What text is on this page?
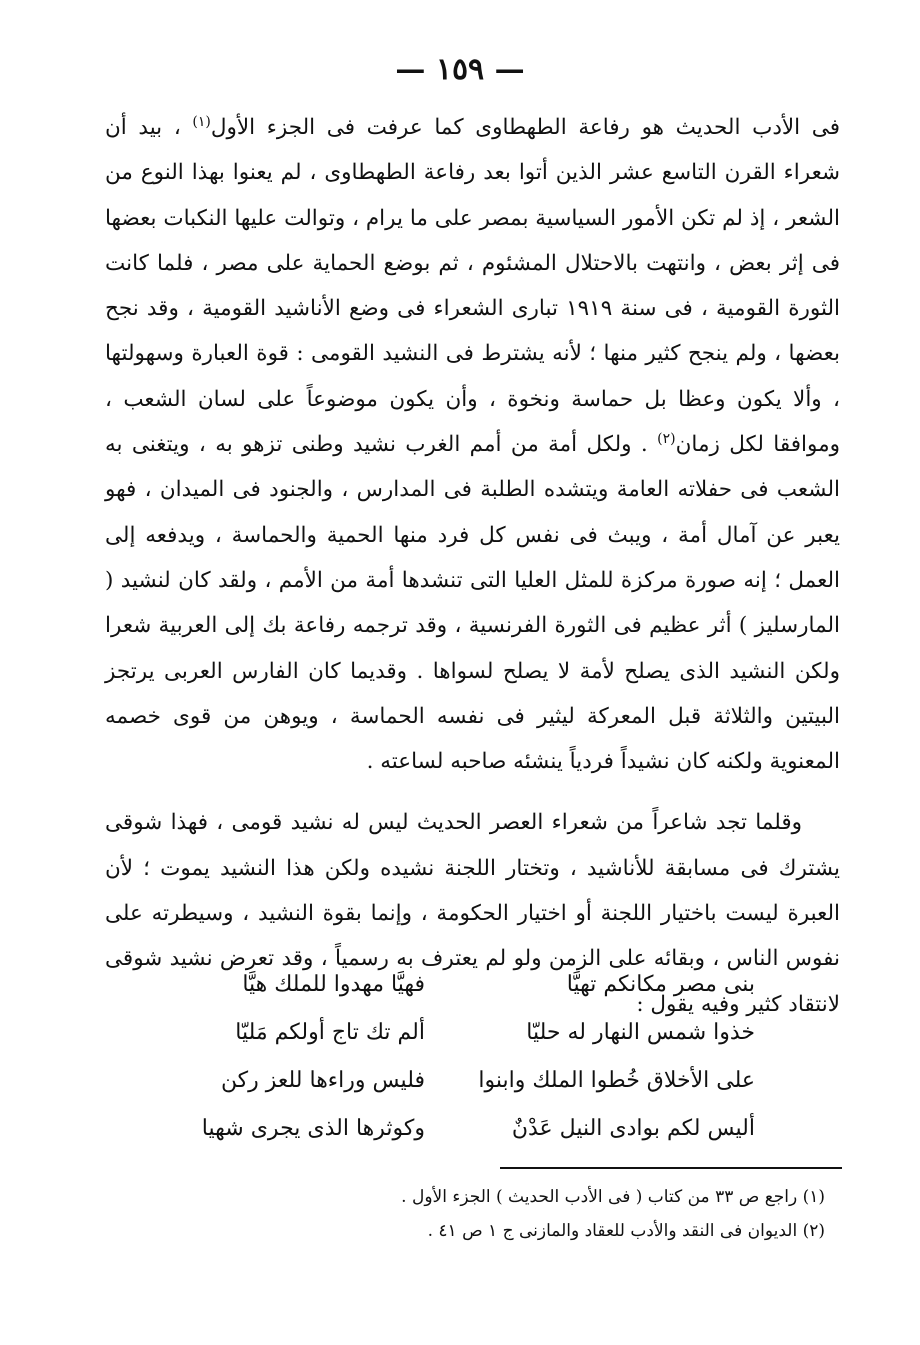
— ١٥٩ —

فى الأدب الحديث هو رفاعة الطهطاوى كما عرفت فى الجزء الأول$^{(١)}$ ، بيد أن شعراء القرن التاسع عشر الذين أتوا بعد رفاعة الطهطاوى ، لم يعنوا بهذا النوع من الشعر ، إذ لم تكن الأمور السياسية بمصر على ما يرام ، وتوالت عليها النكبات بعضها فى إثر بعض ، وانتهت بالاحتلال المشئوم ، ثم بوضع الحماية على مصر ، فلما كانت الثورة القومية ، فى سنة ١٩١٩ تبارى الشعراء فى وضع الأناشيد القومية ، وقد نجح بعضها ، ولم ينجح كثير منها ؛ لأنه يشترط فى النشيد القومى : قوة العبارة وسهولتها ، وألا يكون وعظا بل حماسة ونخوة ، وأن يكون موضوعاً على لسان الشعب ، وموافقا لكل زمان$^{(٢)}$ . ولكل أمة من أمم الغرب نشيد وطنى تزهو به ، ويتغنى به الشعب فى حفلاته العامة ويتشده الطلبة فى المدارس ، والجنود فى الميدان ، فهو يعبر عن آمال أمة ، ويبث فى نفس كل فرد منها الحمية والحماسة ، ويدفعه إلى العمل ؛ إنه صورة مركزة للمثل العليا التى تنشدها أمة من الأمم ، ولقد كان لنشيد ( المارسليز ) أثر عظيم فى الثورة الفرنسية ، وقد ترجمه رفاعة بك إلى العربية شعرا ولكن النشيد الذى يصلح لأمة لا يصلح لسواها . وقديما كان الفارس العربى يرتجز البيتين والثلاثة قبل المعركة ليثير فى نفسه الحماسة ، ويوهن من قوى خصمه المعنوية ولكنه كان نشيداً فردياً ينشئه صاحبه لساعته .

وقلما تجد شاعراً من شعراء العصر الحديث ليس له نشيد قومى ، فهذا شوقى يشترك فى مسابقة للأناشيد ، وتختار اللجنة نشيده ولكن هذا النشيد يموت ؛ لأن العبرة ليست باختيار اللجنة أو اختيار الحكومة ، وإنما بقوة النشيد ، وسيطرته على نفوس الناس ، وبقائه على الزمن ولو لم يعترف به رسمياً ، وقد تعرض نشيد شوقى لانتقاد كثير وفيه يقول :

بنى مصر مكانكم تهيَّا
فهيَّا مهدوا للملك هيَّا
خذوا شمس النهار له حليّا
ألم تك تاج أولكم مَليّا
على الأخلاق خُطوا الملك وابنوا
فليس وراءها للعز ركن
أليس لكم بوادى النيل عَدْنٌ
وكوثرها الذى يجرى شهيا

(١) راجع ص ٣٣ من كتاب ( فى الأدب الحديث ) الجزء الأول .

(٢) الديوان فى النقد والأدب للعقاد والمازنى ج ١ ص ٤١ .
